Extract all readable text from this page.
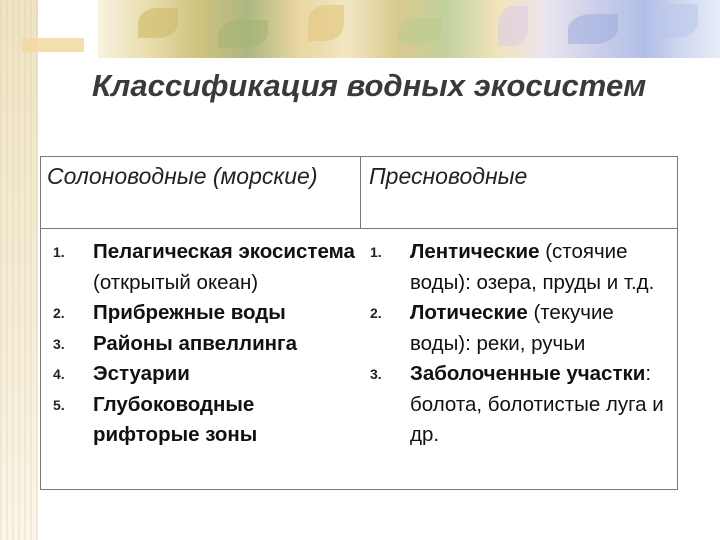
Классификация водных экосистем
Солоноводные (морские)	Пресноводные
1. Пелагическая экосистема (открытый океан)
2. Прибрежные воды
3. Районы апвеллинга
4. Эстуарии
5. Глубоководные рифторые зоны
1. Лентические (стоячие воды): озера, пруды и т.д.
2. Лотические (текучие воды): реки, ручьи
3. Заболоченные участки: болота, болотистые луга и др.
